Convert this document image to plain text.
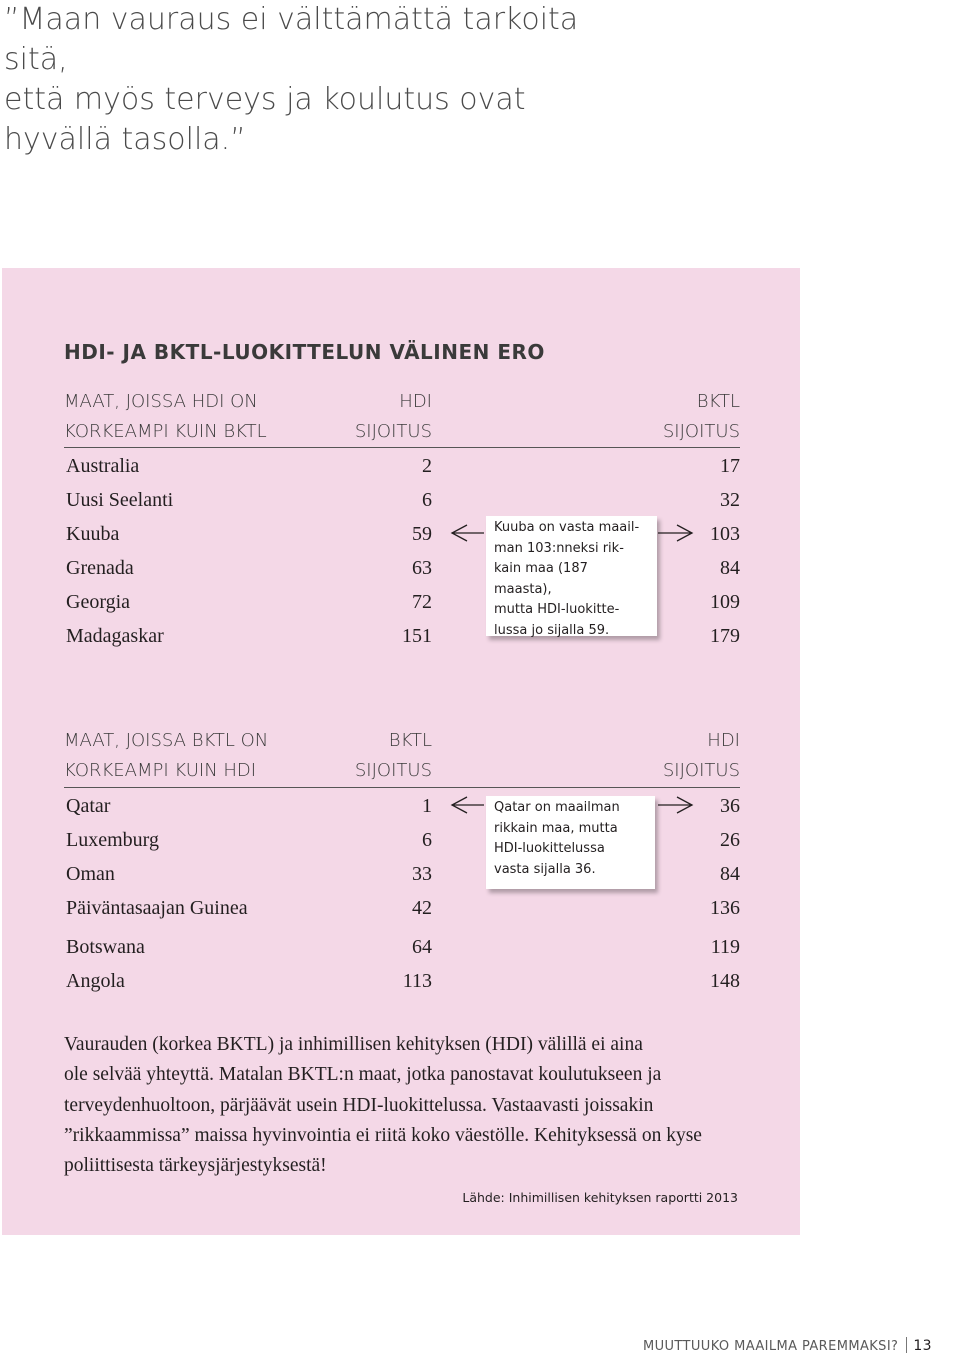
”Maan vauraus ei välttämättä tarkoita sitä,
että myös terveys ja koulutus ovat
hyvällä tasolla.”

HDI- JA BKTL-LUOKITTELUN VÄLINEN ERO
MAAT, JOISSA HDI ON
KORKEAMPI KUIN BKTL
HDI
SIJOITUS
BKTL
SIJOITUS
Australia	2	17
Uusi Seelanti	6	32
Kuuba	59	103
Grenada	63	84
Georgia	72	109
Madagaskar	151	179

Kuuba on vasta maail-

man 103:nneksi rik-

kain maa (187 maasta),

mutta HDI-luokitte-

lussa jo sijalla 59.

MAAT, JOISSA BKTL ON
KORKEAMPI KUIN HDI
BKTL
SIJOITUS
HDI
SIJOITUS
Qatar	1	36
Luxemburg	6	26
Oman	33	84
Päiväntasaajan Guinea	42	136
Botswana	64	119
Angola	113	148

Qatar on maailman

rikkain maa, mutta

HDI-luokittelussa

vasta sijalla 36.

Vaurauden (korkea BKTL) ja inhimillisen kehityksen (HDI) välillä ei aina
ole selvää yhteyttä. Matalan BKTL:n maat, jotka panostavat koulutukseen ja
terveydenhuoltoon, pärjäävät usein HDI-luokittelussa. Vastaavasti joissakin
”rikkaammissa” maissa hyvinvointia ei riitä koko väestölle. Kehityksessä on kyse
poliittisesta tärkeysjärjestyksestä!

Lähde: Inhimillisen kehityksen raportti 2013

MUUTTUUKO MAAILMA PAREMMAKSI? 13
